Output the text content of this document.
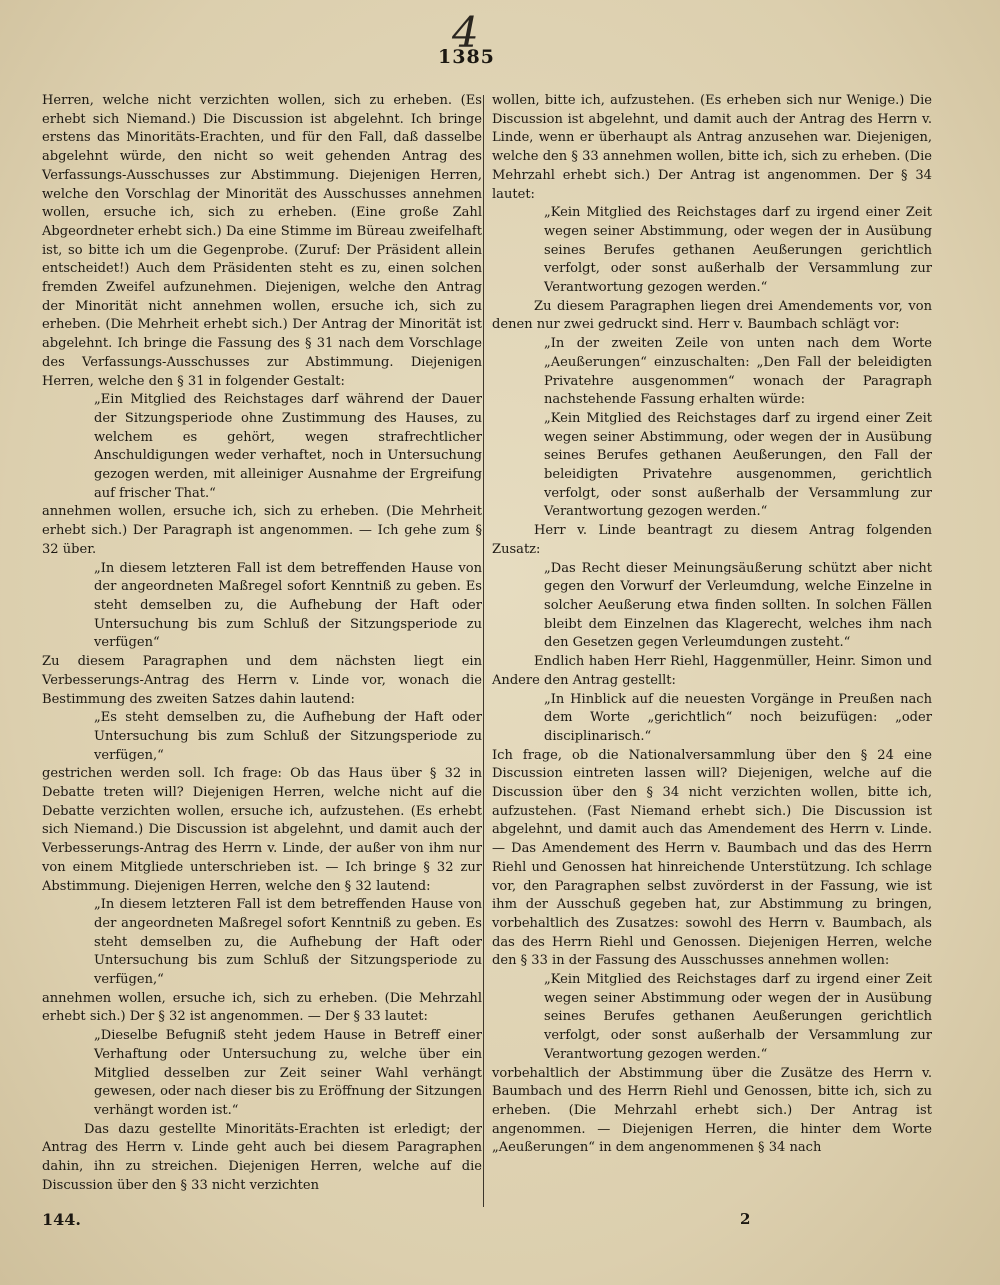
4
1385

Herren, welche nicht verzichten wollen, sich zu erheben. (Es erhebt sich Niemand.) Die Discussion ist abgelehnt. Ich bringe erstens das Minoritäts-Erachten, und für den Fall, daß dasselbe abgelehnt würde, den nicht so weit gehenden Antrag des Verfassungs-Ausschusses zur Abstimmung. Diejenigen Herren, welche den Vorschlag der Minorität des Ausschusses annehmen wollen, ersuche ich, sich zu erheben. (Eine große Zahl Abgeordneter erhebt sich.) Da eine Stimme im Büreau zweifelhaft ist, so bitte ich um die Gegenprobe. (Zuruf: Der Präsident allein entscheidet!) Auch dem Präsidenten steht es zu, einen solchen fremden Zweifel aufzunehmen. Diejenigen, welche den Antrag der Minorität nicht annehmen wollen, ersuche ich, sich zu erheben. (Die Mehrheit erhebt sich.) Der Antrag der Minorität ist abgelehnt. Ich bringe die Fassung des § 31 nach dem Vorschlage des Verfassungs-Ausschusses zur Abstimmung. Diejenigen Herren, welche den § 31 in folgender Gestalt:

„Ein Mitglied des Reichstages darf während der Dauer der Sitzungsperiode ohne Zustimmung des Hauses, zu welchem es gehört, wegen strafrechtlicher Anschuldigungen weder verhaftet, noch in Untersuchung gezogen werden, mit alleiniger Ausnahme der Ergreifung auf frischer That.“

annehmen wollen, ersuche ich, sich zu erheben. (Die Mehrheit erhebt sich.) Der Paragraph ist angenommen. — Ich gehe zum § 32 über.

„In diesem letzteren Fall ist dem betreffenden Hause von der angeordneten Maßregel sofort Kenntniß zu geben. Es steht demselben zu, die Aufhebung der Haft oder Untersuchung bis zum Schluß der Sitzungsperiode zu verfügen“

Zu diesem Paragraphen und dem nächsten liegt ein Verbesserungs-Antrag des Herrn v. Linde vor, wonach die Bestimmung des zweiten Satzes dahin lautend:

„Es steht demselben zu, die Aufhebung der Haft oder Untersuchung bis zum Schluß der Sitzungsperiode zu verfügen,“

gestrichen werden soll. Ich frage: Ob das Haus über § 32 in Debatte treten will? Diejenigen Herren, welche nicht auf die Debatte verzichten wollen, ersuche ich, aufzustehen. (Es erhebt sich Niemand.) Die Discussion ist abgelehnt, und damit auch der Verbesserungs-Antrag des Herrn v. Linde, der außer von ihm nur von einem Mitgliede unterschrieben ist. — Ich bringe § 32 zur Abstimmung. Diejenigen Herren, welche den § 32 lautend:

„In diesem letzteren Fall ist dem betreffenden Hause von der angeordneten Maßregel sofort Kenntniß zu geben. Es steht demselben zu, die Aufhebung der Haft oder Untersuchung bis zum Schluß der Sitzungsperiode zu verfügen,“

annehmen wollen, ersuche ich, sich zu erheben. (Die Mehrzahl erhebt sich.) Der § 32 ist angenommen. — Der § 33 lautet:

„Dieselbe Befugniß steht jedem Hause in Betreff einer Verhaftung oder Untersuchung zu, welche über ein Mitglied desselben zur Zeit seiner Wahl verhängt gewesen, oder nach dieser bis zu Eröffnung der Sitzungen verhängt worden ist.“

Das dazu gestellte Minoritäts-Erachten ist erledigt; der Antrag des Herrn v. Linde geht auch bei diesem Paragraphen dahin, ihn zu streichen. Diejenigen Herren, welche auf die Discussion über den § 33 nicht verzichten

wollen, bitte ich, aufzustehen. (Es erheben sich nur Wenige.) Die Discussion ist abgelehnt, und damit auch der Antrag des Herrn v. Linde, wenn er überhaupt als Antrag anzusehen war. Diejenigen, welche den § 33 annehmen wollen, bitte ich, sich zu erheben. (Die Mehrzahl erhebt sich.) Der Antrag ist angenommen. Der § 34 lautet:

„Kein Mitglied des Reichstages darf zu irgend einer Zeit wegen seiner Abstimmung, oder wegen der in Ausübung seines Berufes gethanen Aeußerungen gerichtlich verfolgt, oder sonst außerhalb der Versammlung zur Verantwortung gezogen werden.“

Zu diesem Paragraphen liegen drei Amendements vor, von denen nur zwei gedruckt sind. Herr v. Baumbach schlägt vor:

„In der zweiten Zeile von unten nach dem Worte „Aeußerungen“ einzuschalten: „Den Fall der beleidigten Privatehre ausgenommen“ wonach der Paragraph nachstehende Fassung erhalten würde:

„Kein Mitglied des Reichstages darf zu irgend einer Zeit wegen seiner Abstimmung, oder wegen der in Ausübung seines Berufes gethanen Aeußerungen, den Fall der beleidigten Privatehre ausgenommen, gerichtlich verfolgt, oder sonst außerhalb der Versammlung zur Verantwortung gezogen werden.“

Herr v. Linde beantragt zu diesem Antrag folgenden Zusatz:

„Das Recht dieser Meinungsäußerung schützt aber nicht gegen den Vorwurf der Verleumdung, welche Einzelne in solcher Aeußerung etwa finden sollten. In solchen Fällen bleibt dem Einzelnen das Klagerecht, welches ihm nach den Gesetzen gegen Verleumdungen zusteht.“

Endlich haben Herr Riehl, Haggenmüller, Heinr. Simon und Andere den Antrag gestellt:

„In Hinblick auf die neuesten Vorgänge in Preußen nach dem Worte „gerichtlich“ noch beizufügen: „oder disciplinarisch.“

Ich frage, ob die Nationalversammlung über den § 24 eine Discussion eintreten lassen will? Diejenigen, welche auf die Discussion über den § 34 nicht verzichten wollen, bitte ich, aufzustehen. (Fast Niemand erhebt sich.) Die Discussion ist abgelehnt, und damit auch das Amendement des Herrn v. Linde. — Das Amendement des Herrn v. Baumbach und das des Herrn Riehl und Genossen hat hinreichende Unterstützung. Ich schlage vor, den Paragraphen selbst zuvörderst in der Fassung, wie ist ihm der Ausschuß gegeben hat, zur Abstimmung zu bringen, vorbehaltlich des Zusatzes: sowohl des Herrn v. Baumbach, als das des Herrn Riehl und Genossen. Diejenigen Herren, welche den § 33 in der Fassung des Ausschusses annehmen wollen:

„Kein Mitglied des Reichstages darf zu irgend einer Zeit wegen seiner Abstimmung oder wegen der in Ausübung seines Berufes gethanen Aeußerungen gerichtlich verfolgt, oder sonst außerhalb der Versammlung zur Verantwortung gezogen werden.“

vorbehaltlich der Abstimmung über die Zusätze des Herrn v. Baumbach und des Herrn Riehl und Genossen, bitte ich, sich zu erheben. (Die Mehrzahl erhebt sich.) Der Antrag ist angenommen. — Diejenigen Herren, die hinter dem Worte „Aeußerungen“ in dem angenommenen § 34 nach

144.	2
